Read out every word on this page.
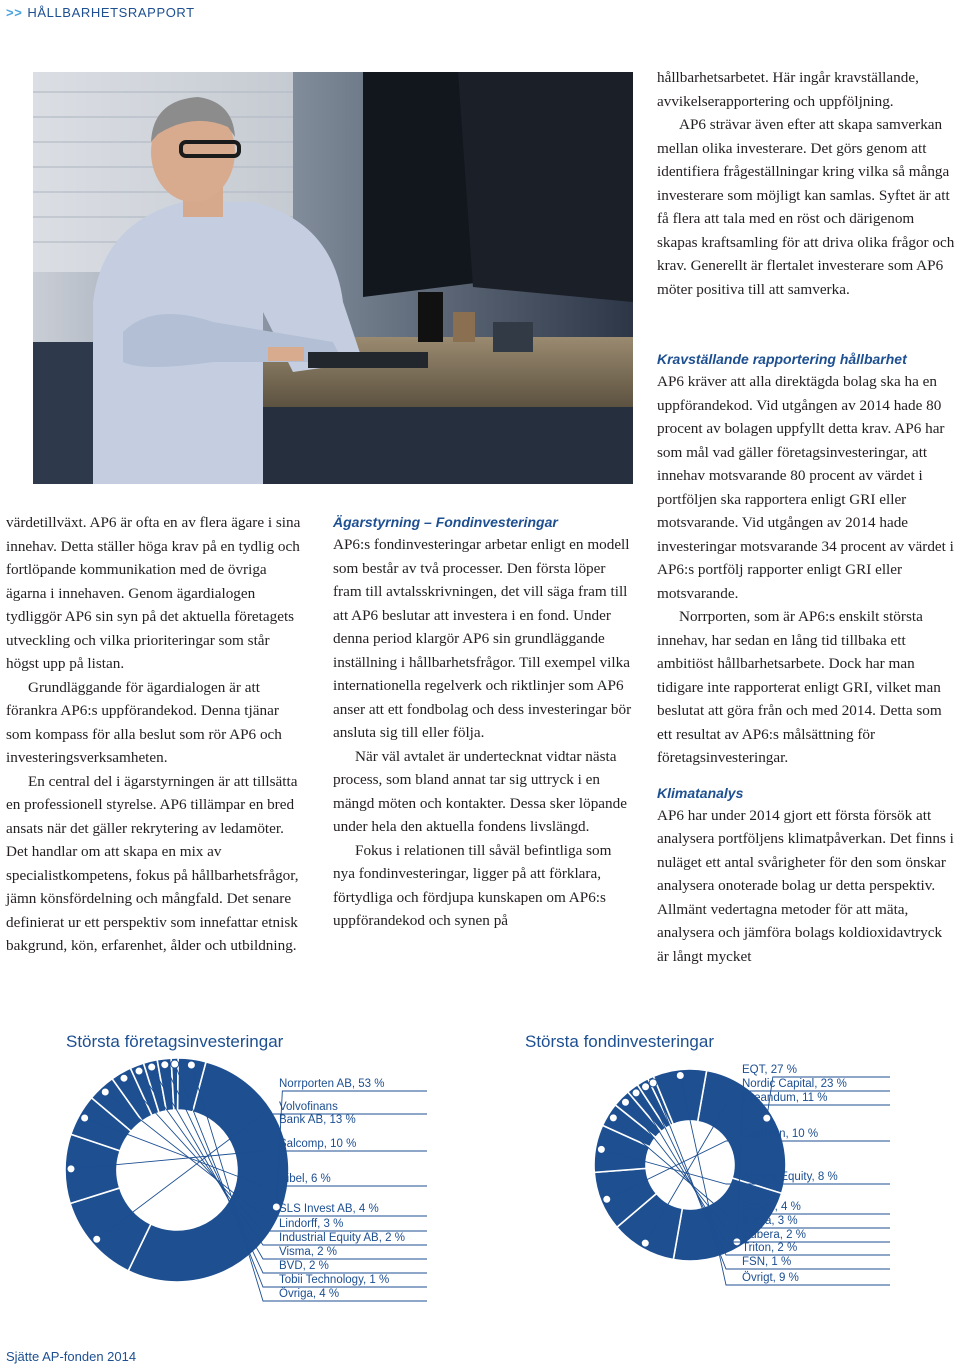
>> HÅLLBARHETSRAPPORT

värdetillväxt. AP6 är ofta en av flera ägare i sina innehav. Detta ställer höga krav på en tydlig och fortlöpande kommunikation med de övriga ägarna i innehaven. Genom ägardialogen tydliggör AP6 sin syn på det aktuella företagets utveckling och vilka prioriteringar som står högst upp på listan.

Grundläggande för ägardialogen är att förankra AP6:s uppförandekod. Denna tjänar som kompass för alla beslut som rör AP6 och investeringsverksamheten.

En central del i ägarstyrningen är att tillsätta en professionell styrelse. AP6 tillämpar en bred ansats när det gäller rekrytering av ledamöter. Det handlar om att skapa en mix av specialistkompetens, fokus på hållbarhetsfrågor, jämn könsfördelning och mångfald. Det senare definierat ur ett perspektiv som innefattar etnisk bakgrund, kön, erfarenhet, ålder och utbildning.

Ägarstyrning – Fondinvesteringar

AP6:s fondinvesteringar arbetar enligt en modell som består av två processer. Den första löper fram till avtalsskrivningen, det vill säga fram till att AP6 beslutar att investera i en fond. Under denna period klargör AP6 sin grundläggande inställning i hållbarhetsfrågor. Till exempel vilka internationella regelverk och riktlinjer som AP6 anser att ett fondbolag och dess investeringar bör ansluta sig till eller följa.

När väl avtalet är undertecknat vidtar nästa process, som bland annat tar sig uttryck i en mängd möten och kontakter. Dessa sker löpande under hela den aktuella fondens livslängd.

Fokus i relationen till såväl befintliga som nya fondinvesteringar, ligger på att förklara, förtydliga och fördjupa kunskapen om AP6:s uppförandekod och synen på

hållbarhetsarbetet. Här ingår kravställande, avvikelserapportering och uppföljning.

AP6 strävar även efter att skapa samverkan mellan olika investerare. Det görs genom att identifiera frågeställningar kring vilka så många investerare som möjligt kan samlas. Syftet är att få flera att tala med en röst och därigenom skapas kraftsamling för att driva olika frågor och krav. Generellt är flertalet investerare som AP6 möter positiva till att samverka.

Kravställande rapportering hållbarhet

AP6 kräver att alla direktägda bolag ska ha en uppförandekod. Vid utgången av 2014 hade 80 procent av bolagen uppfyllt detta krav. AP6 har som mål vad gäller företagsinvesteringar, att innehav motsvarande 80 procent av värdet i portföljen ska rapportera enligt GRI eller motsvarande. Vid utgången av 2014 hade investeringar motsvarande 34 procent av värdet i AP6:s portfölj rapporter enligt GRI eller motsvarande.

Norrporten, som är AP6:s enskilt största innehav, har sedan en lång tid tillbaka ett ambitiöst hållbarhetsarbete. Dock har man tidigare inte rapporterat enligt GRI, vilket man beslutat att göra från och med 2014. Detta som ett resultat av AP6:s målsättning för företagsinvesteringar.

Klimatanalys

AP6 har under 2014 gjort ett första försök att analysera portföljens klimatpåverkan. Det finns i nuläget ett antal svårigheter för den som önskar analysera onoterade bolag ur detta perspektiv. Allmänt vedertagna metoder för att mäta, analysera och jämföra bolags koldioxidavtryck är långt mycket

Största företagsinvesteringar	Största fondinvesteringar
Norrporten AB, 53 %
Volvofinans
Bank AB, 13 %
Salcomp, 10 %
Aibel, 6 %
SLS Invest AB, 4 %
Lindorff, 3 %
Industrial Equity AB, 2 %
Visma, 2 %
BVD, 2 %
Tobii Technology, 1 %
Övriga, 4 %
EQT, 27 %
Nordic Capital, 23 %
Creandum, 11 %
CapMan, 10 %
Accent Equity, 8 %
Scope, 4 %
Intera, 3 %
Cubera, 2 %
Triton, 2 %
FSN, 1 %
Övrigt, 9 %
Sjätte AP-fonden 2014
